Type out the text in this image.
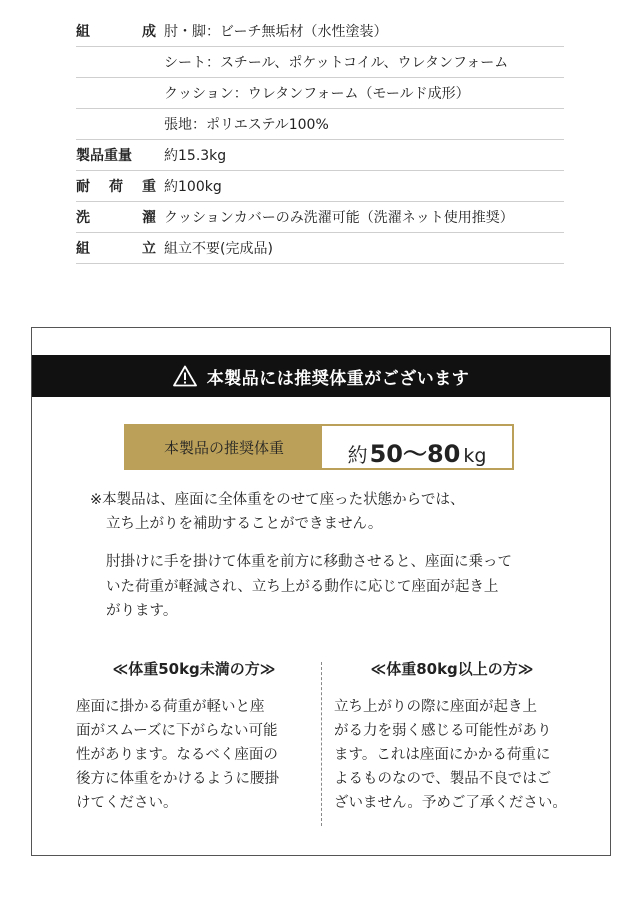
組	成 肘・脚：ビーチ無垢材（水性塗装）
シート：スチール、ポケットコイル、ウレタンフォーム
クッション：ウレタンフォーム（モールド成形）
張地：ポリエステル100%
製品重量 約15.3kg
耐 荷 重 約100kg
洗	濯 クッションカバーのみ洗濯可能（洗濯ネット使用推奨）
組	立 組立不要(完成品)
本製品には推奨体重がございます
本製品の推奨体重	約 50〜80 kg
※本製品は、座面に全体重をのせて座った状態からでは、
立ち上がりを補助することができません。
肘掛けに手を掛けて体重を前方に移動させると、座面に乗って
いた荷重が軽減され、立ち上がる動作に応じて座面が起き上
がります。
≪体重50kg未満の方≫
座面に掛かる荷重が軽いと座
面がスムーズに下がらない可能
性があります。なるべく座面の
後方に体重をかけるように腰掛
けてください。
≪体重80kg以上の方≫
立ち上がりの際に座面が起き上
がる力を弱く感じる可能性があり
ます。これは座面にかかる荷重に
よるものなので、製品不良ではご
ざいません。予めご了承ください。
